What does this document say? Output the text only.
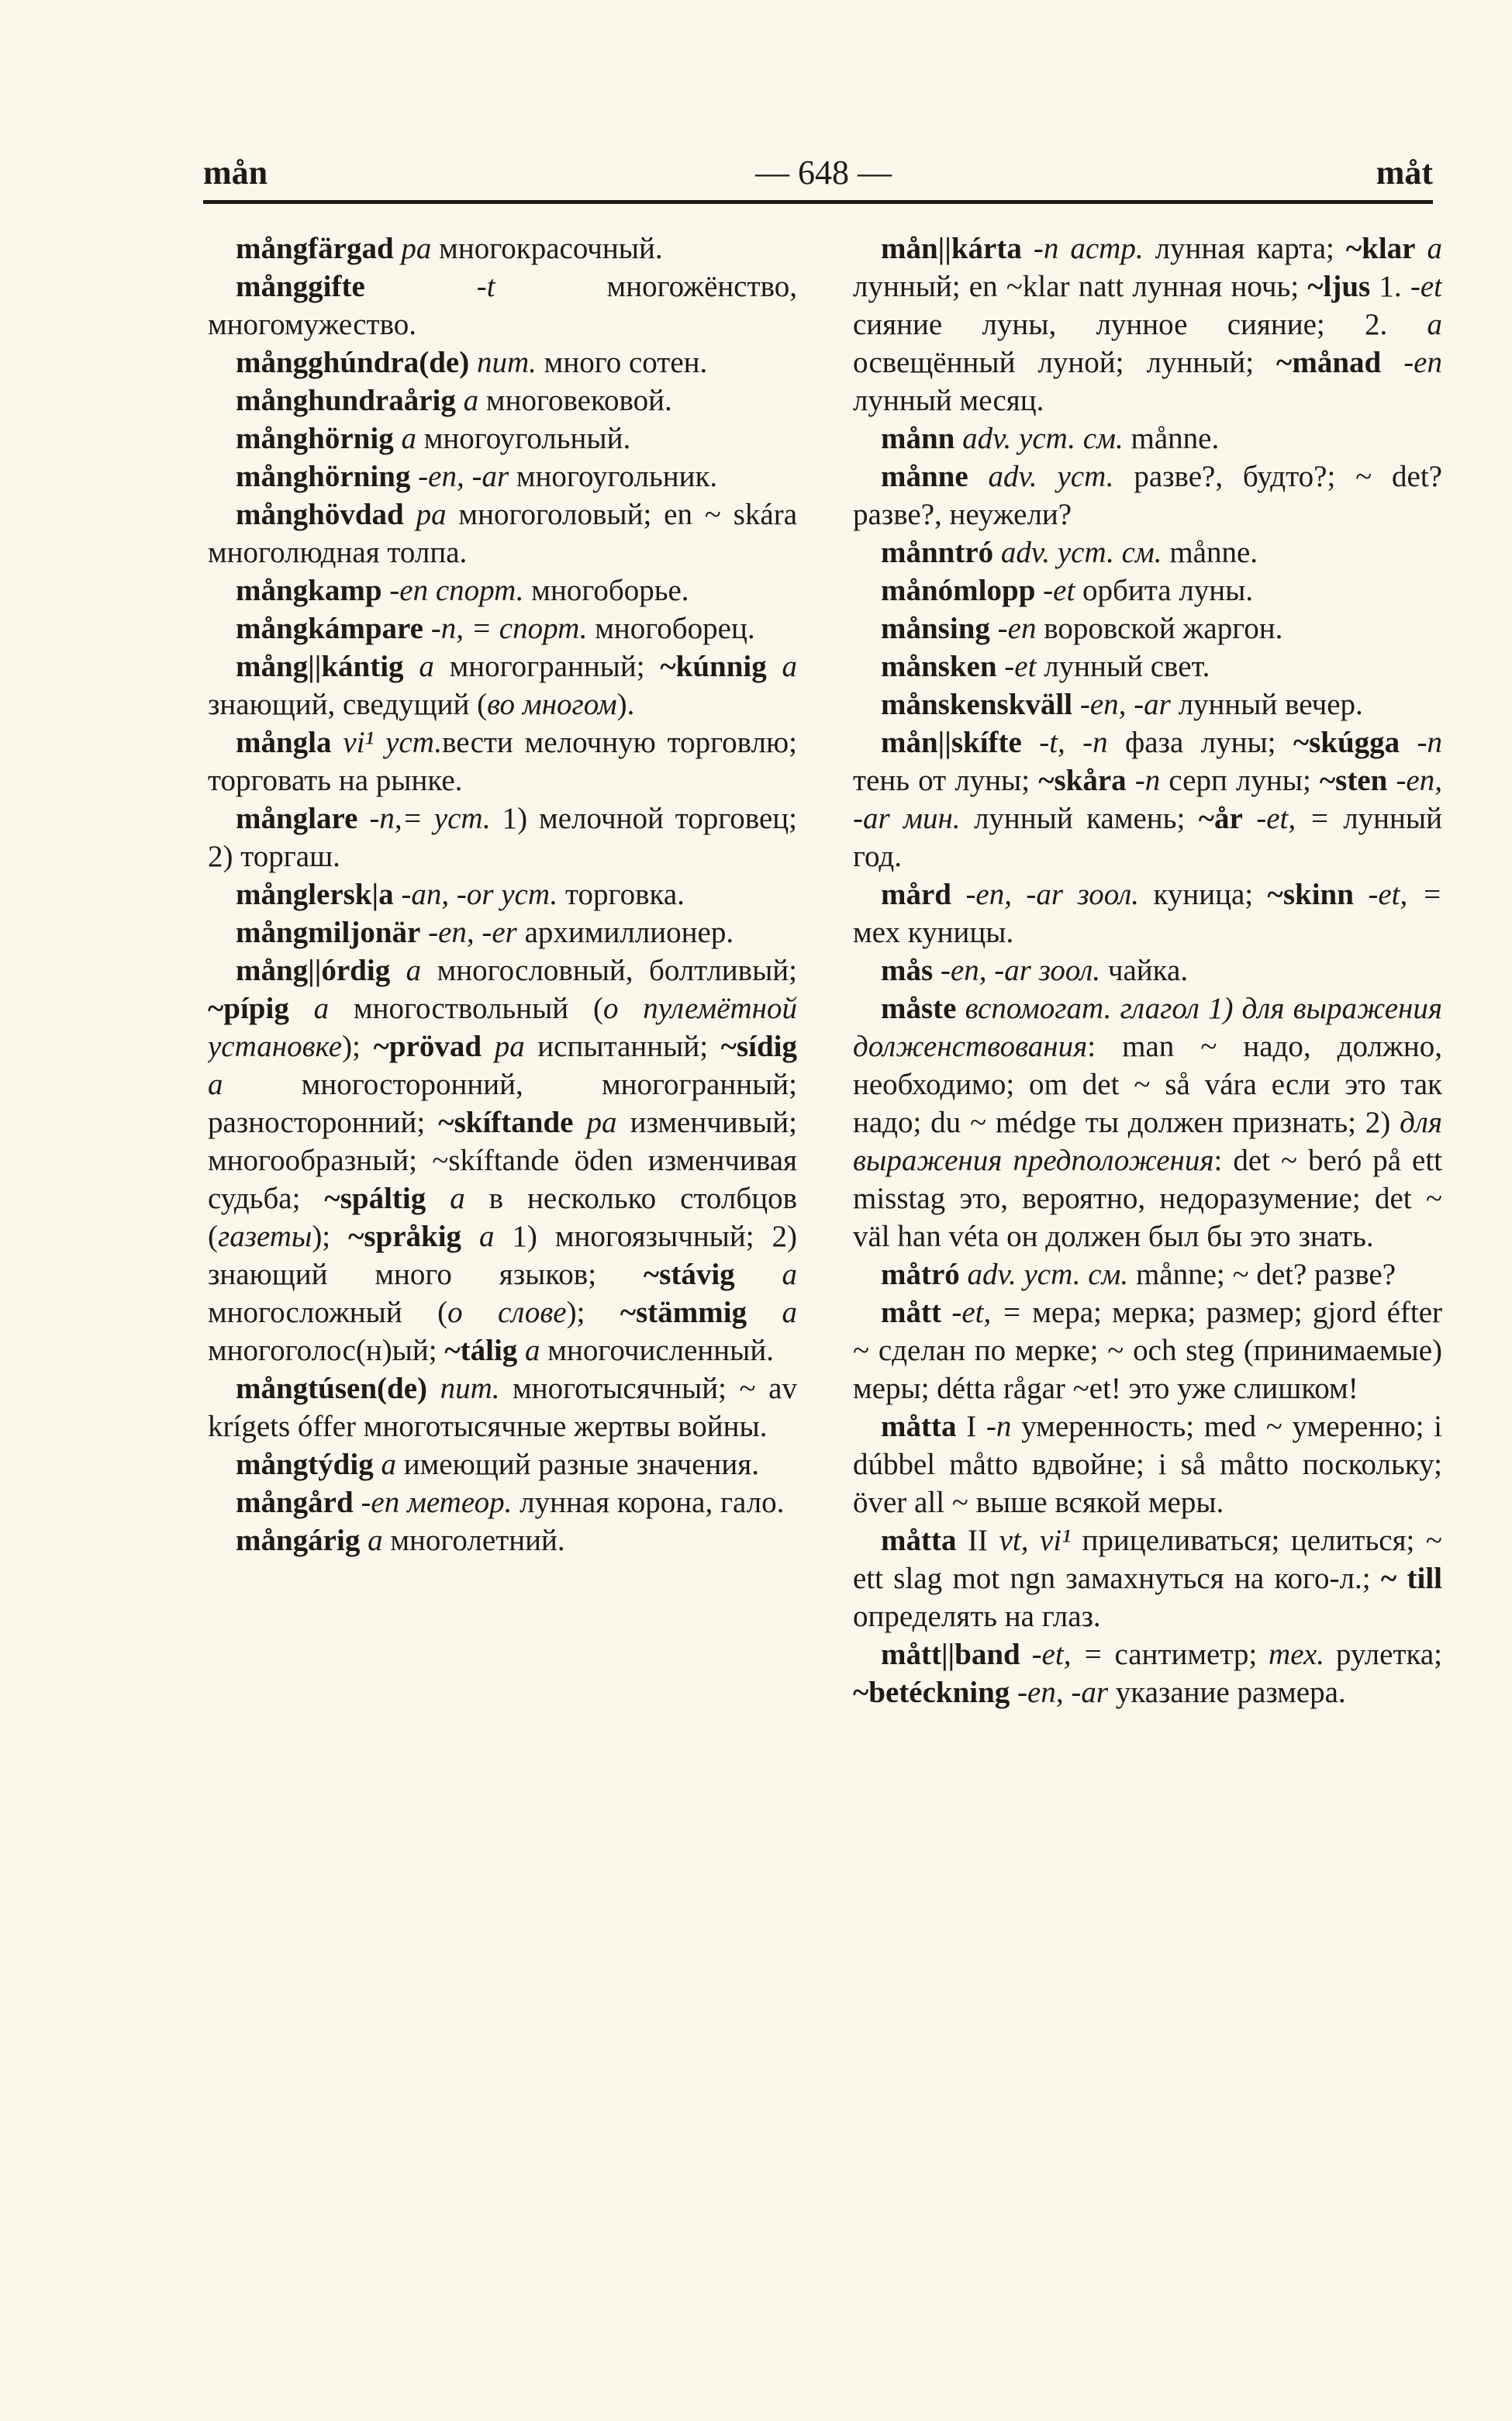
mån	— 648 —	måt

mångfärgad pa многокрасочный.

månggifte	-t многожёнство, многомужество.

mångghúndra(de) num. много сотен.

månghundraårig a многовековой.

månghörnig a многоугольный.

månghörning -en, -ar многоугольник.

månghövdad pa многоголовый; en ~ skára многолюдная толпа.

mångkamp -en спорт. многоборье.

mångkámpare -n, = спорт. многоборец.

mång||kántig a многогранный; ~kúnnig a знающий, сведущий (во многом).

mångla vi¹ уст.вести мелочную торговлю; торговать на рынке.

månglare -n,= уст. 1) мелочной торговец; 2) торгаш.

månglersk|a -an, -or уст. торговка.

mångmiljonär -en, -er архимиллионер.

mång||órdig a многословный, болтливый; ~pípig a многоствольный (о пулемётной установке); ~prövad pa испытанный; ~sídig a многосторонний, многогранный; разносторонний; ~skíftande pa изменчивый; многообразный; ~skíftande öden изменчивая судьба; ~spáltig a в несколько столбцов (газеты); ~språkig a 1) многоязычный; 2) знающий много языков; ~stávig a многосложный (о слове); ~stämmig a многоголос(н)ый; ~tálig a многочисленный.

mångtúsen(de) num. многотысячный; ~ av krígets óffer многотысячные жертвы войны.

mångtýdig a имеющий разные значения.

mångård -en метеор. лунная корона, гало.

mångárig a многолетний.

mån||kárta -n астр. лунная карта; ~klar a лунный; en ~klar natt лунная ночь; ~ljus 1. -et сияние луны, лунное сияние; 2. a освещённый луной; лунный; ~månad -en лунный месяц.

månn adv. уст. см. månne.

månne adv. уст. разве?, будто?; ~ det? разве?, неужели?

månntró adv. уст. см. månne.

månómlopp -et орбита луны.

månsing -en воровской жаргон.

månsken -et лунный свет.

månskenskväll -en, -ar лунный вечер.

mån||skífte -t, -n фаза луны; ~skúgga -n тень от луны; ~skåra -n серп луны; ~sten -en, -ar мин. лунный камень; ~år -et, = лунный год.

mård -en, -ar зоол. куница; ~skinn -et, = мех куницы.

mås -en, -ar зоол. чайка.

måste вспомогат. глагол 1) для выражения долженствования: man ~ надо, должно, необходимо; om det ~ så vára если это так надо; du ~ médge ты должен признать; 2) для выражения предположения: det ~ beró på ett misstag это, вероятно, недоразумение; det ~ väl han véta он должен был бы это знать.

måtró adv. уст. см. månne; ~ det? разве?

mått -et, = мера; мерка; размер; gjord éfter ~ сделан по мерке; ~ och steg (принимаемые) меры; détta rågar ~et! это уже слишком!

måtta I -n умеренность; med ~ умеренно; i dúbbel måtto вдвойне; i så måtto поскольку; över all ~ выше всякой меры.

måtta II vt, vi¹ прицеливаться; целиться; ~ ett slag mot ngn замахнуться на кого-л.; ~ till определять на глаз.

mått||band -et, = сантиметр; тех. рулетка; ~betéckning -en, -ar указание размера.
